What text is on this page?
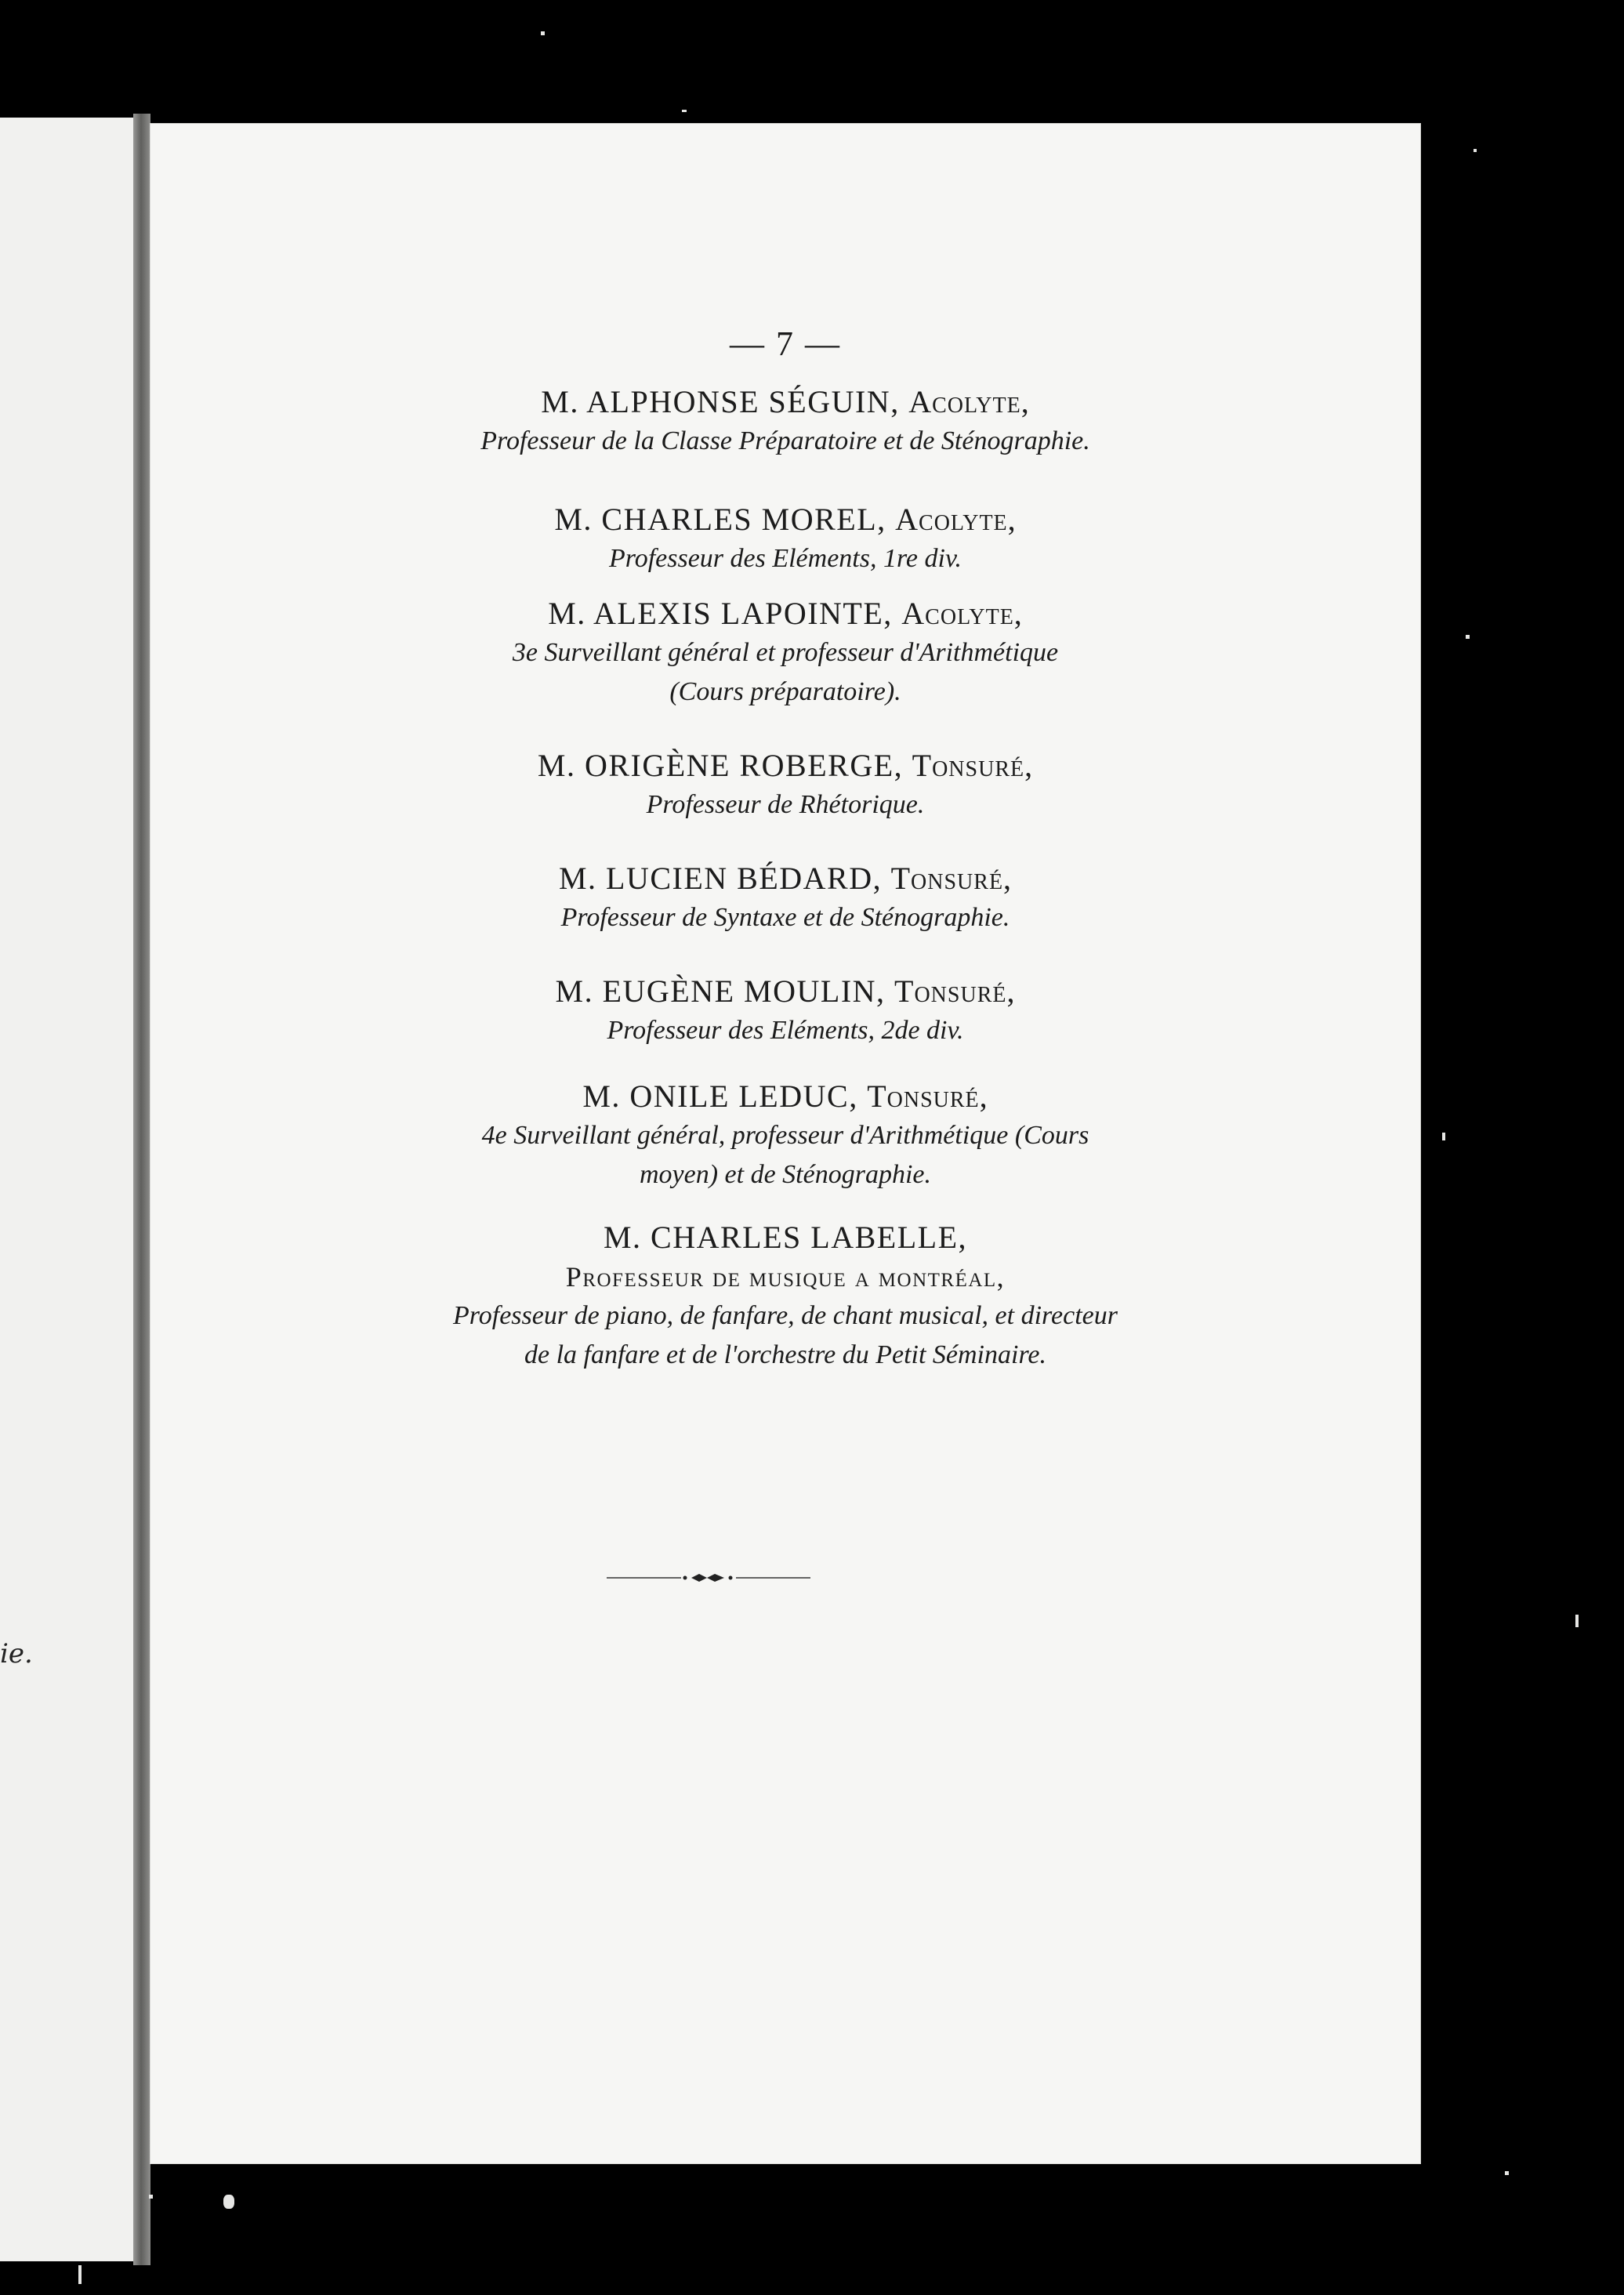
ie.
— 7 —
M. ALPHONSE SÉGUIN, Acolyte,
Professeur de la Classe Préparatoire et de Sténographie.
M. CHARLES MOREL, Acolyte,
Professeur des Eléments, 1re div.
M. ALEXIS LAPOINTE, Acolyte,
3e Surveillant général et professeur d'Arithmétique
(Cours préparatoire).
M. ORIGÈNE ROBERGE, Tonsuré,
Professeur de Rhétorique.
M. LUCIEN BÉDARD, Tonsuré,
Professeur de Syntaxe et de Sténographie.
M. EUGÈNE MOULIN, Tonsuré,
Professeur des Eléments, 2de div.
M. ONILE LEDUC, Tonsuré,
4e Surveillant général, professeur d'Arithmétique (Cours
moyen) et de Sténographie.
M. CHARLES LABELLE,
Professeur de musique a montréal,
Professeur de piano, de fanfare, de chant musical, et directeur
de la fanfare et de l'orchestre du Petit Séminaire.
